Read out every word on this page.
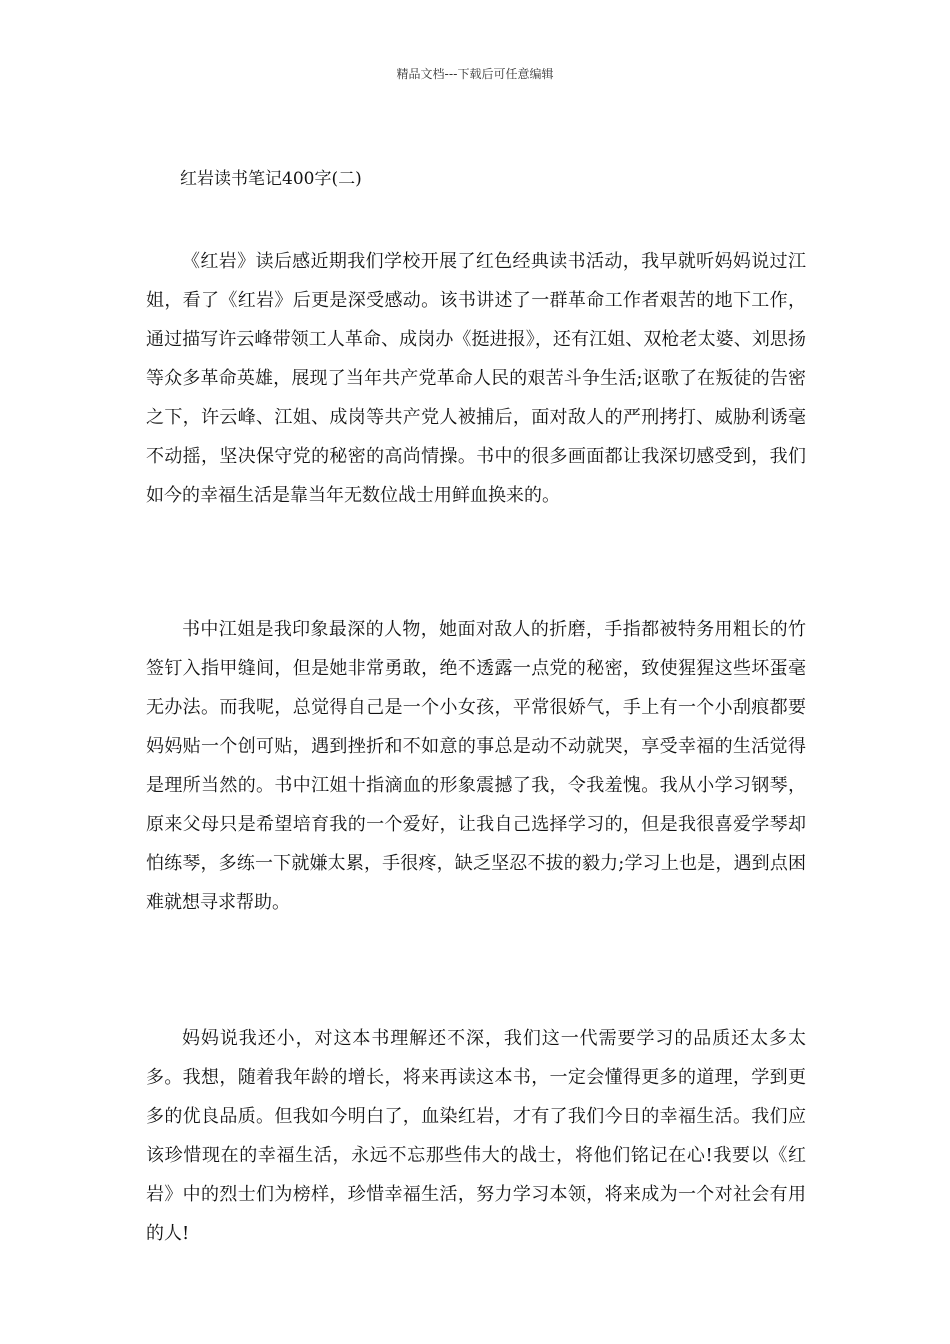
精品文档---下载后可任意编辑
红岩读书笔记400字(二)

《红岩》读后感近期我们学校开展了红色经典读书活动，我早就听妈妈说过江姐，看了《红岩》后更是深受感动。该书讲述了一群革命工作者艰苦的地下工作，通过描写许云峰带领工人革命、成岗办《挺进报》，还有江姐、双枪老太婆、刘思扬等众多革命英雄，展现了当年共产党革命人民的艰苦斗争生活;讴歌了在叛徒的告密之下，许云峰、江姐、成岗等共产党人被捕后，面对敌人的严刑拷打、威胁利诱毫不动摇，坚决保守党的秘密的高尚情操。书中的很多画面都让我深切感受到，我们如今的幸福生活是靠当年无数位战士用鲜血换来的。

书中江姐是我印象最深的人物，她面对敌人的折磨，手指都被特务用粗长的竹签钉入指甲缝间，但是她非常勇敢，绝不透露一点党的秘密，致使猩猩这些坏蛋毫无办法。而我呢，总觉得自己是一个小女孩，平常很娇气，手上有一个小刮痕都要妈妈贴一个创可贴，遇到挫折和不如意的事总是动不动就哭，享受幸福的生活觉得是理所当然的。书中江姐十指滴血的形象震撼了我，令我羞愧。我从小学习钢琴，原来父母只是希望培育我的一个爱好，让我自己选择学习的，但是我很喜爱学琴却怕练琴，多练一下就嫌太累，手很疼，缺乏坚忍不拔的毅力;学习上也是，遇到点困难就想寻求帮助。

妈妈说我还小，对这本书理解还不深，我们这一代需要学习的品质还太多太多。我想，随着我年龄的增长，将来再读这本书，一定会懂得更多的道理，学到更多的优良品质。但我如今明白了，血染红岩，才有了我们今日的幸福生活。我们应该珍惜现在的幸福生活，永远不忘那些伟大的战士，将他们铭记在心!我要以《红岩》中的烈士们为榜样，珍惜幸福生活，努力学习本领，将来成为一个对社会有用的人!
